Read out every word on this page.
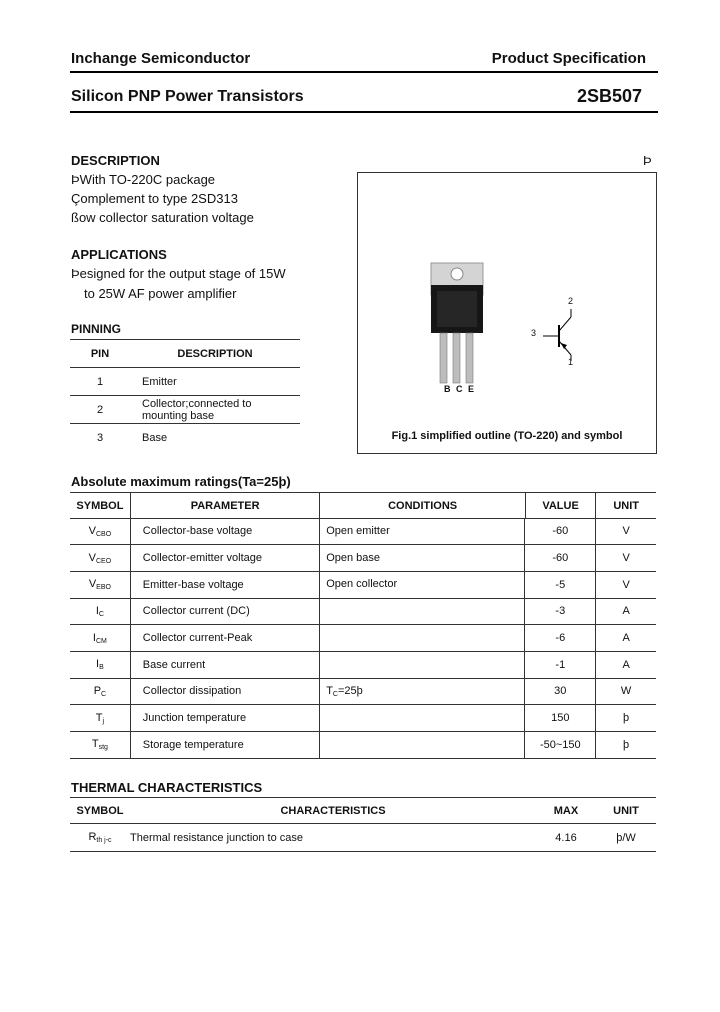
Inchange Semiconductor	Product Specification
Silicon PNP Power Transistors	2SB507
DESCRIPTION	Þ
ÞWith TO-220C package
Çomplement to type 2SD313
ßow collector saturation voltage
APPLICATIONS
Þesigned for the output stage of 15W
to 25W AF power amplifier
PINNING
PIN	DESCRIPTION
1	Emitter
2	Collector;connected to
mounting base

3	Base
B C E
2
3
1
Fig.1 simplified outline (TO-220) and symbol
Absolute maximum ratings(Ta=25þ)
SYMBOL	PARAMETER	CONDITIONS	VALUE	UNIT
$V_{CBO}$	Collector-base voltage	Open emitter	-60	V
$V_{CEO}$	Collector-emitter voltage	Open base	-60	V
$V_{EBO}$	Emitter-base voltage	Open collector	-5	V
$I_C$	Collector current (DC)		-3	A
$I_{CM}$	Collector current-Peak		-6	A
$I_B$	Base current		-1	A
$P_C$	Collector dissipation	$T_C=25þ$	30	W
$T_j$	Junction temperature		150	þ
$T_{stg}$	Storage temperature		-50~150	þ
THERMAL CHARACTERISTICS
SYMBOL	CHARACTERISTICS	MAX	UNIT
$R_{th j-c}$	Thermal resistance junction to case	4.16	þ/W
